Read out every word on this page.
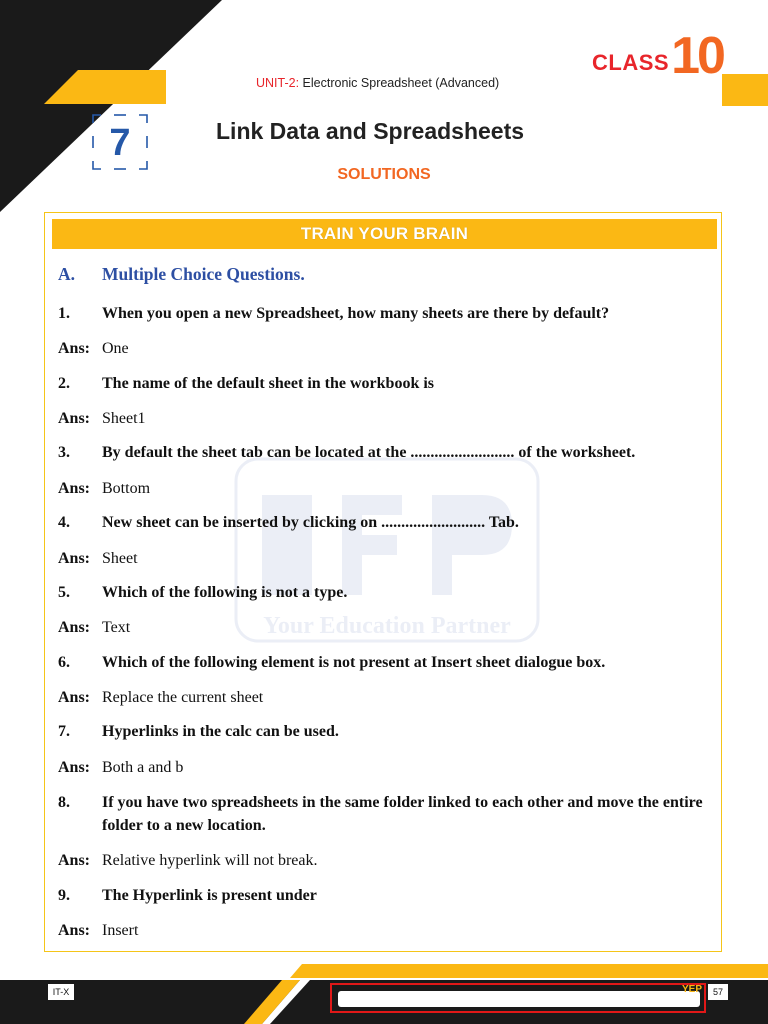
CLASS 10
UNIT-2: Electronic Spreadsheet (Advanced)
7	Link Data and Spreadsheets
SOLUTIONS
TRAIN YOUR BRAIN
Your Education Partner
A. Multiple Choice Questions.
1.	When you open a new Spreadsheet, how many sheets are there by default?
Ans: One
2.	The name of the default sheet in the workbook is
Ans: Sheet1
3.	By default the sheet tab can be located at the .......................... of the worksheet.
Ans: Bottom
4.	New sheet can be inserted by clicking on .......................... Tab.
Ans: Sheet
5.	Which of the following is not a type.
Ans: Text
6.	Which of the following element is not present at Insert sheet dialogue box.
Ans: Replace the current sheet
7.	Hyperlinks in the calc can be used.
Ans: Both a and b
8.	If you have two spreadsheets in the same folder linked to each other and move the entire folder to a new location.
Ans: Relative hyperlink will not break.
9.	The Hyperlink is present under
Ans: Insert
IT-X	YEP	57
